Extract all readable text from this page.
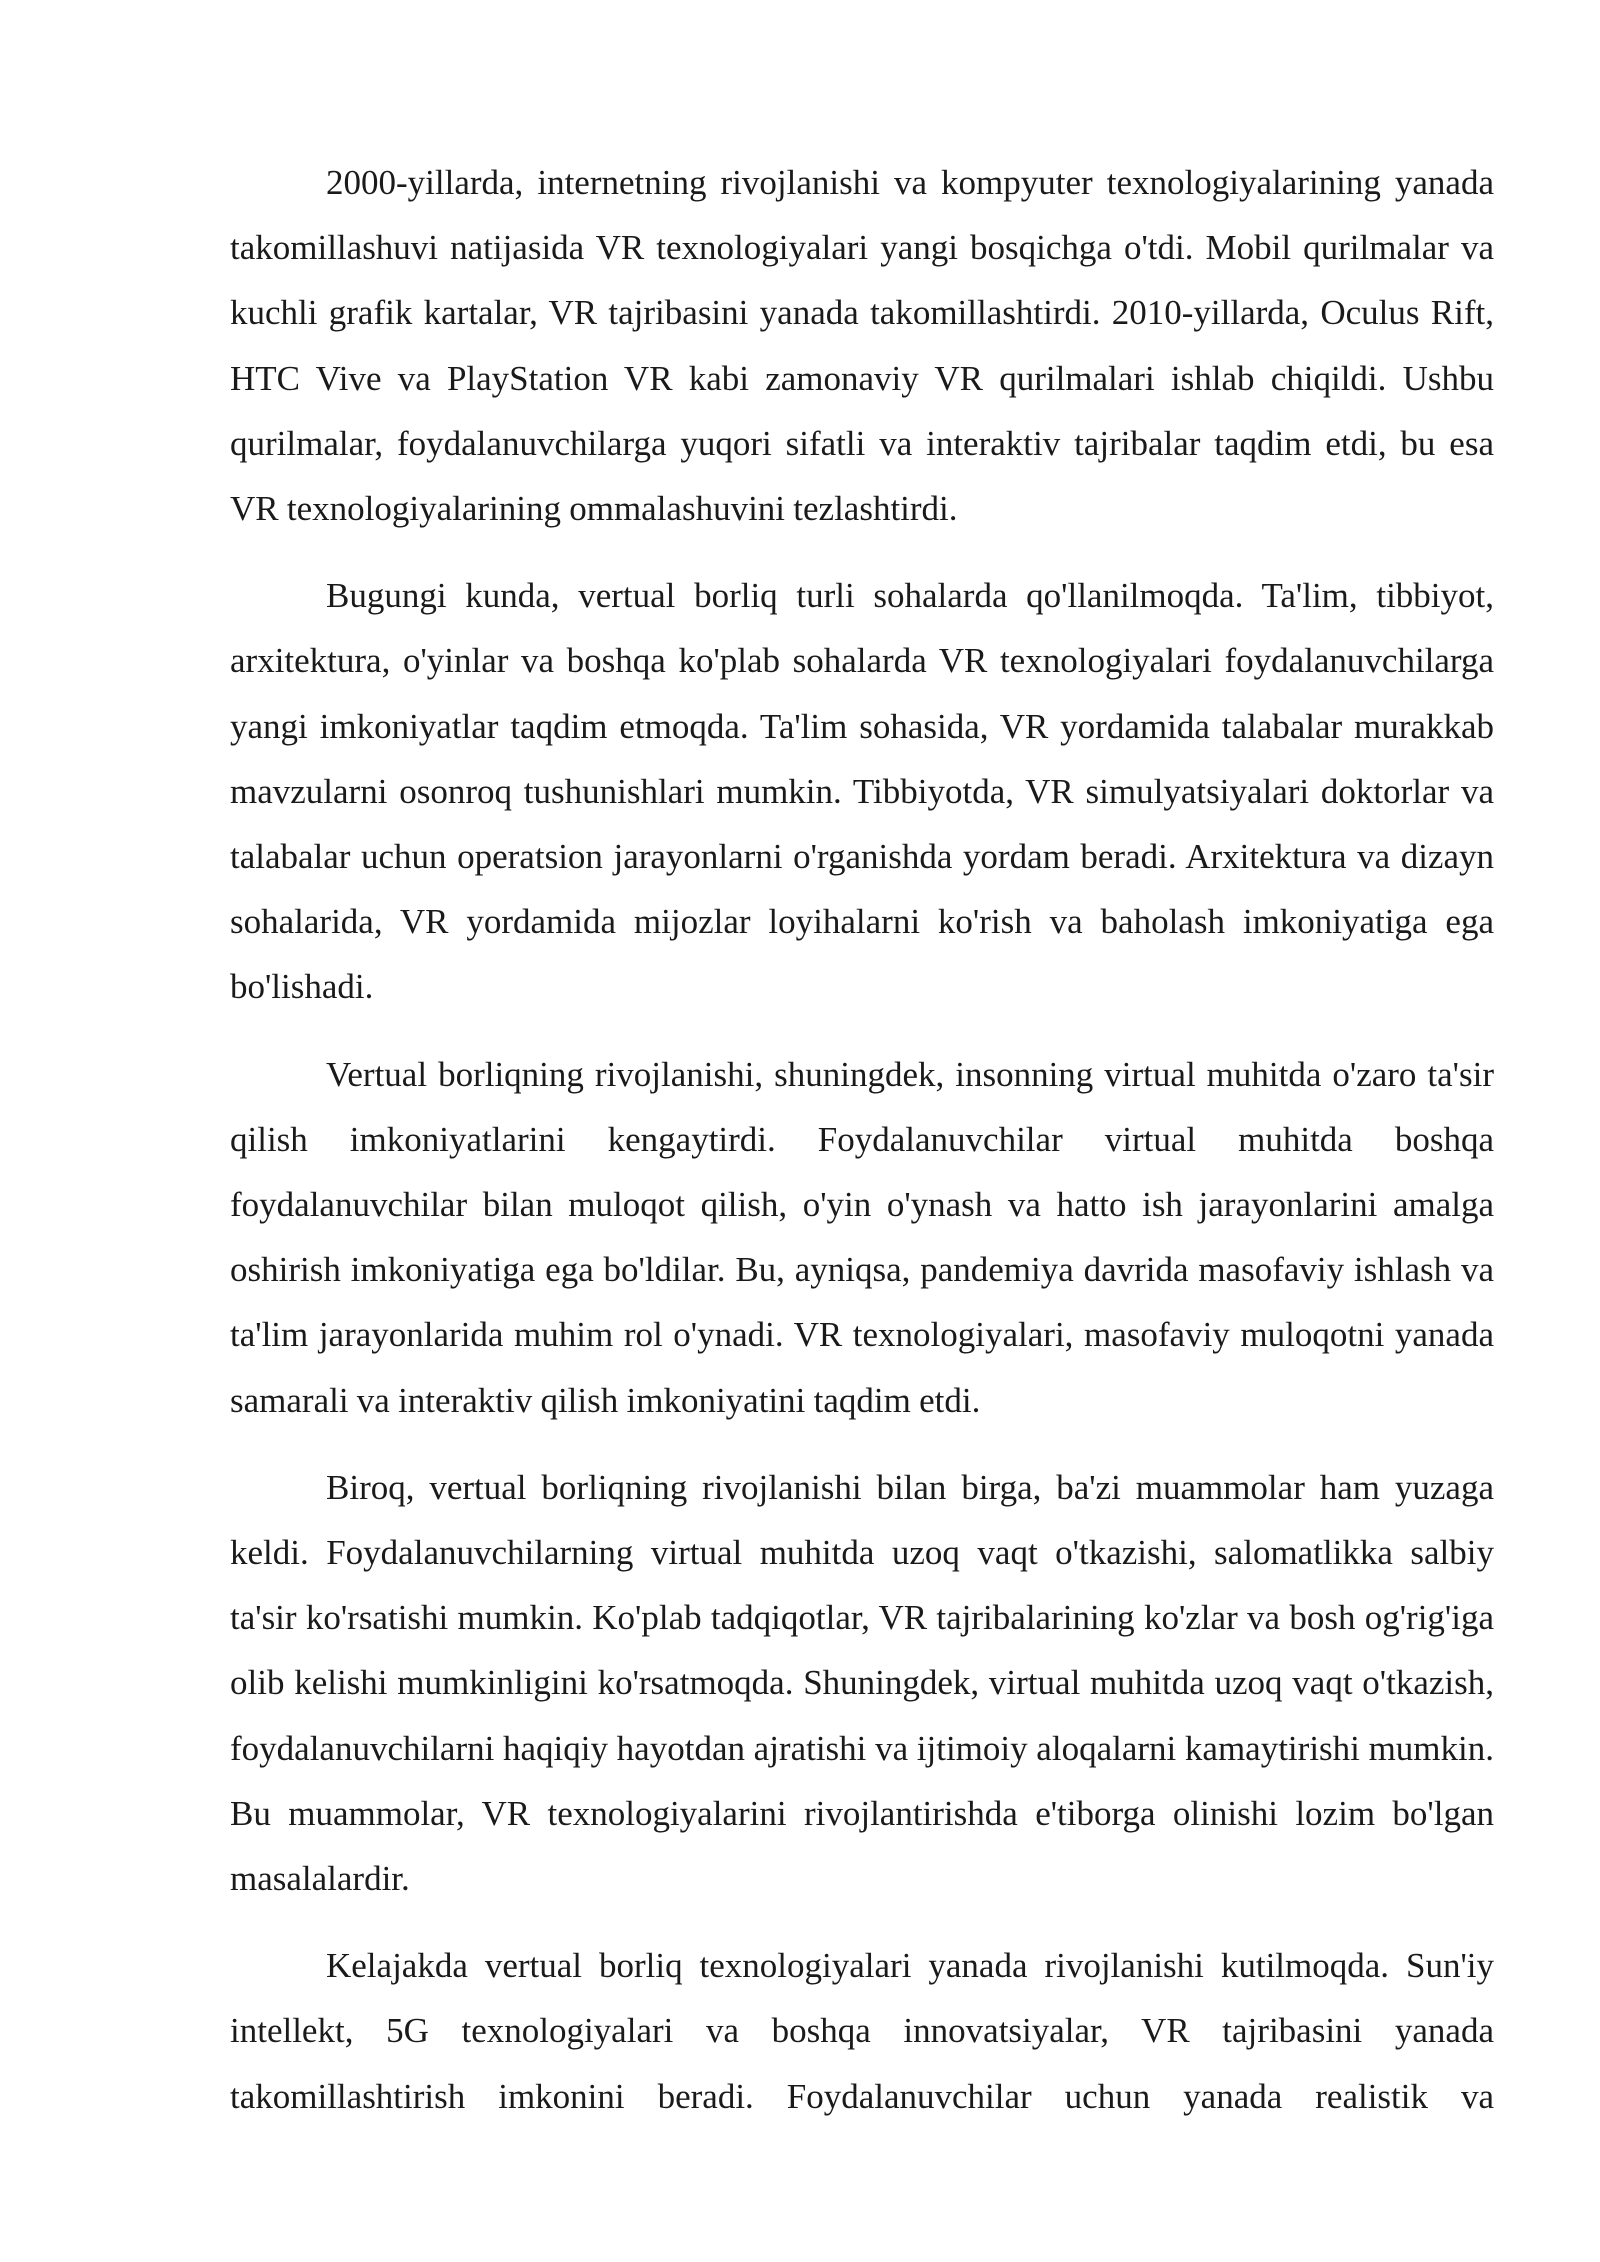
2000-yillarda, internetning rivojlanishi va kompyuter texnologiyalarining yanada takomillashuvi natijasida VR texnologiyalari yangi bosqichga o'tdi. Mobil qurilmalar va kuchli grafik kartalar, VR tajribasini yanada takomillashtirdi. 2010-yillarda, Oculus Rift, HTC Vive va PlayStation VR kabi zamonaviy VR qurilmalari ishlab chiqildi. Ushbu qurilmalar, foydalanuvchilarga yuqori sifatli va interaktiv tajribalar taqdim etdi, bu esa VR texnologiyalarining ommalashuvini tezlashtirdi.

Bugungi kunda, vertual borliq turli sohalarda qo'llanilmoqda. Ta'lim, tibbiyot, arxitektura, o'yinlar va boshqa ko'plab sohalarda VR texnologiyalari foydalanuvchilarga yangi imkoniyatlar taqdim etmoqda. Ta'lim sohasida, VR yordamida talabalar murakkab mavzularni osonroq tushunishlari mumkin. Tibbiyotda, VR simulyatsiyalari doktorlar va talabalar uchun operatsion jarayonlarni o'rganishda yordam beradi. Arxitektura va dizayn sohalarida, VR yordamida mijozlar loyihalarni ko'rish va baholash imkoniyatiga ega bo'lishadi.

Vertual borliqning rivojlanishi, shuningdek, insonning virtual muhitda o'zaro ta'sir qilish imkoniyatlarini kengaytirdi. Foydalanuvchilar virtual muhitda boshqa foydalanuvchilar bilan muloqot qilish, o'yin o'ynash va hatto ish jarayonlarini amalga oshirish imkoniyatiga ega bo'ldilar. Bu, ayniqsa, pandemiya davrida masofaviy ishlash va ta'lim jarayonlarida muhim rol o'ynadi. VR texnologiyalari, masofaviy muloqotni yanada samarali va interaktiv qilish imkoniyatini taqdim etdi.

Biroq, vertual borliqning rivojlanishi bilan birga, ba'zi muammolar ham yuzaga keldi. Foydalanuvchilarning virtual muhitda uzoq vaqt o'tkazishi, salomatlikka salbiy ta'sir ko'rsatishi mumkin. Ko'plab tadqiqotlar, VR tajribalarining ko'zlar va bosh og'rig'iga olib kelishi mumkinligini ko'rsatmoqda. Shuningdek, virtual muhitda uzoq vaqt o'tkazish, foydalanuvchilarni haqiqiy hayotdan ajratishi va ijtimoiy aloqalarni kamaytirishi mumkin. Bu muammolar, VR texnologiyalarini rivojlantirishda e'tiborga olinishi lozim bo'lgan masalalardir.

Kelajakda vertual borliq texnologiyalari yanada rivojlanishi kutilmoqda. Sun'iy intellekt, 5G texnologiyalari va boshqa innovatsiyalar, VR tajribasini yanada takomillashtirish imkonini beradi. Foydalanuvchilar uchun yanada realistik va
